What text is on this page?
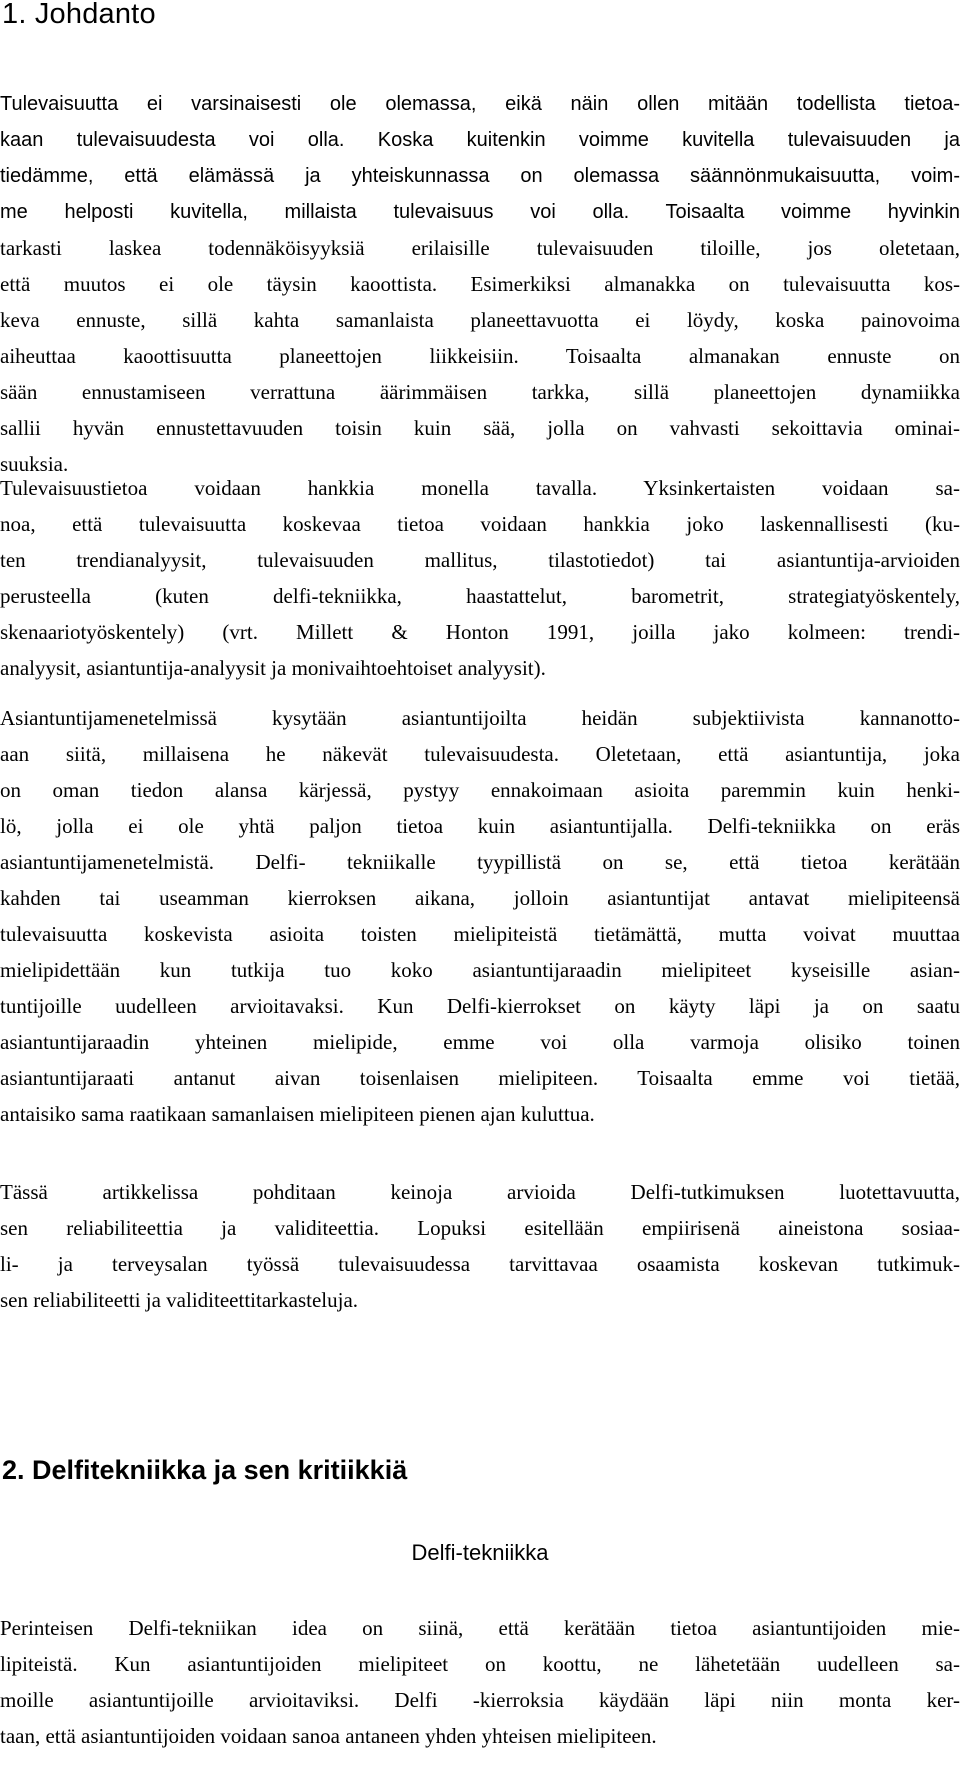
1. Johdanto
Tulevaisuutta ei varsinaisesti ole olemassa, eikä näin ollen mitään todellista tietoa-
kaan tulevaisuudesta voi olla. Koska kuitenkin voimme kuvitella tulevaisuuden ja
tiedämme, että elämässä ja yhteiskunnassa on olemassa säännönmukaisuutta, voim-
me helposti kuvitella, millaista tulevaisuus voi olla. Toisaalta voimme hyvinkin
tarkasti laskea todennäköisyyksiä erilaisille tulevaisuuden tiloille, jos oletetaan,
että muutos ei ole täysin kaoottista. Esimerkiksi almanakka on tulevaisuutta kos-
keva ennuste, sillä kahta samanlaista planeettavuotta ei löydy, koska painovoima
aiheuttaa kaoottisuutta planeettojen liikkeisiin. Toisaalta almanakan ennuste on
sään ennustamiseen verrattuna äärimmäisen tarkka, sillä planeettojen dynamiikka
sallii hyvän ennustettavuuden toisin kuin sää, jolla on vahvasti sekoittavia ominai-
suuksia.
Tulevaisuustietoa voidaan hankkia monella tavalla. Yksinkertaisten voidaan sa-
noa, että tulevaisuutta koskevaa tietoa voidaan hankkia joko laskennallisesti (ku-
ten trendianalyysit, tulevaisuuden mallitus, tilastotiedot) tai asiantuntija-arvioiden
perusteella (kuten delfi-tekniikka, haastattelut, barometrit, strategiatyöskentely,
skenaariotyöskentely) (vrt. Millett & Honton 1991, joilla jako kolmeen: trendi-
analyysit, asiantuntija-analyysit ja monivaihtoehtoiset analyysit).
Asiantuntijamenetelmissä kysytään asiantuntijoilta heidän subjektiivista kannanotto-
aan siitä, millaisena he näkevät tulevaisuudesta. Oletetaan, että asiantuntija, joka
on oman tiedon alansa kärjessä, pystyy ennakoimaan asioita paremmin kuin henki-
lö, jolla ei ole yhtä paljon tietoa kuin asiantuntijalla. Delfi-tekniikka on eräs
asiantuntijamenetelmistä. Delfi- tekniikalle tyypillistä on se, että tietoa kerätään
kahden tai useamman kierroksen aikana, jolloin asiantuntijat antavat mielipiteensä
tulevaisuutta koskevista asioita toisten mielipiteistä tietämättä, mutta voivat muuttaa
mielipidettään kun tutkija tuo koko asiantuntijaraadin mielipiteet kyseisille asian-
tuntijoille uudelleen arvioitavaksi. Kun Delfi-kierrokset on käyty läpi ja on saatu
asiantuntijaraadin yhteinen mielipide, emme voi olla varmoja olisiko toinen
asiantuntijaraati antanut aivan toisenlaisen mielipiteen. Toisaalta emme voi tietää,
antaisiko sama raatikaan samanlaisen mielipiteen pienen ajan kuluttua.
Tässä artikkelissa pohditaan keinoja arvioida Delfi-tutkimuksen luotettavuutta,
sen reliabiliteettia ja validiteettia. Lopuksi esitellään empiirisenä aineistona sosiaa-
li- ja terveysalan työssä tulevaisuudessa tarvittavaa osaamista koskevan tutkimuk-
sen reliabiliteetti ja validiteettitarkasteluja.
2. Delfitekniikka ja sen kritiikkiä
Delfi-tekniikka
Perinteisen Delfi-tekniikan idea on siinä, että kerätään tietoa asiantuntijoiden mie-
lipiteistä. Kun asiantuntijoiden mielipiteet on koottu, ne lähetetään uudelleen sa-
moille asiantuntijoille arvioitaviksi. Delfi -kierroksia käydään läpi niin monta ker-
taan, että asiantuntijoiden voidaan sanoa antaneen yhden yhteisen mielipiteen.
